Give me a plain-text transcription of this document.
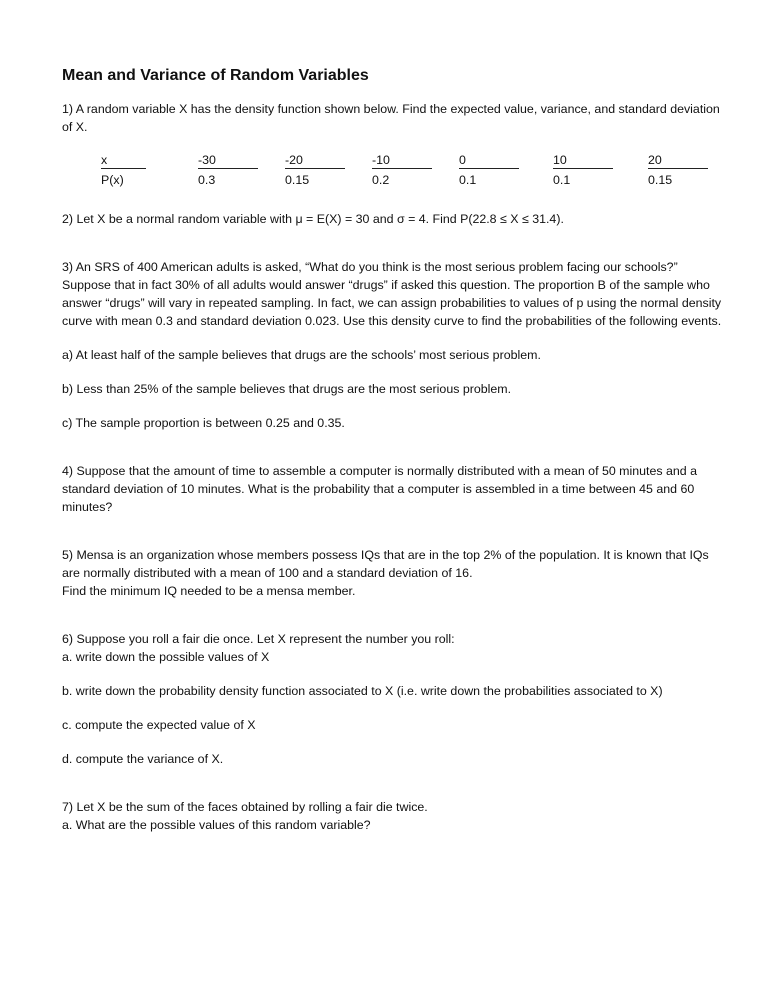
Mean and Variance of Random Variables

1) A random variable X has the density function shown below. Find the expected value, variance, and standard deviation of X.

x
P(x)
-30
0.3
-20
0.15
-10
0.2
0
0.1
10
0.1
20
0.15

2) Let X be a normal random variable with μ = E(X) = 30 and σ = 4. Find P(22.8 ≤ X ≤ 31.4).

3) An SRS of 400 American adults is asked, “What do you think is the most serious problem facing our schools?” Suppose that in fact 30% of all adults would answer “drugs” if asked this question. The proportion B of the sample who answer “drugs” will vary in repeated sampling. In fact, we can assign probabilities to values of p using the normal density curve with mean 0.3 and standard deviation 0.023. Use this density curve to find the probabilities of the following events.

a) At least half of the sample believes that drugs are the schools’ most serious problem.

b) Less than 25% of the sample believes that drugs are the most serious problem.

c) The sample proportion is between 0.25 and 0.35.

4) Suppose that the amount of time to assemble a computer is normally distributed with a mean of 50 minutes and a standard deviation of 10 minutes. What is the probability that a computer is assembled in a time between 45 and 60 minutes?

5) Mensa is an organization whose members possess IQs that are in the top 2% of the population. It is known that IQs are normally distributed with a mean of 100 and a standard deviation of 16.
Find the minimum IQ needed to be a mensa member.

6) Suppose you roll a fair die once. Let X represent the number you roll:
a. write down the possible values of X

b. write down the probability density function associated to X (i.e. write down the probabilities associated to X)

c. compute the expected value of X

d. compute the variance of X.

7) Let X be the sum of the faces obtained by rolling a fair die twice.
a. What are the possible values of this random variable?
